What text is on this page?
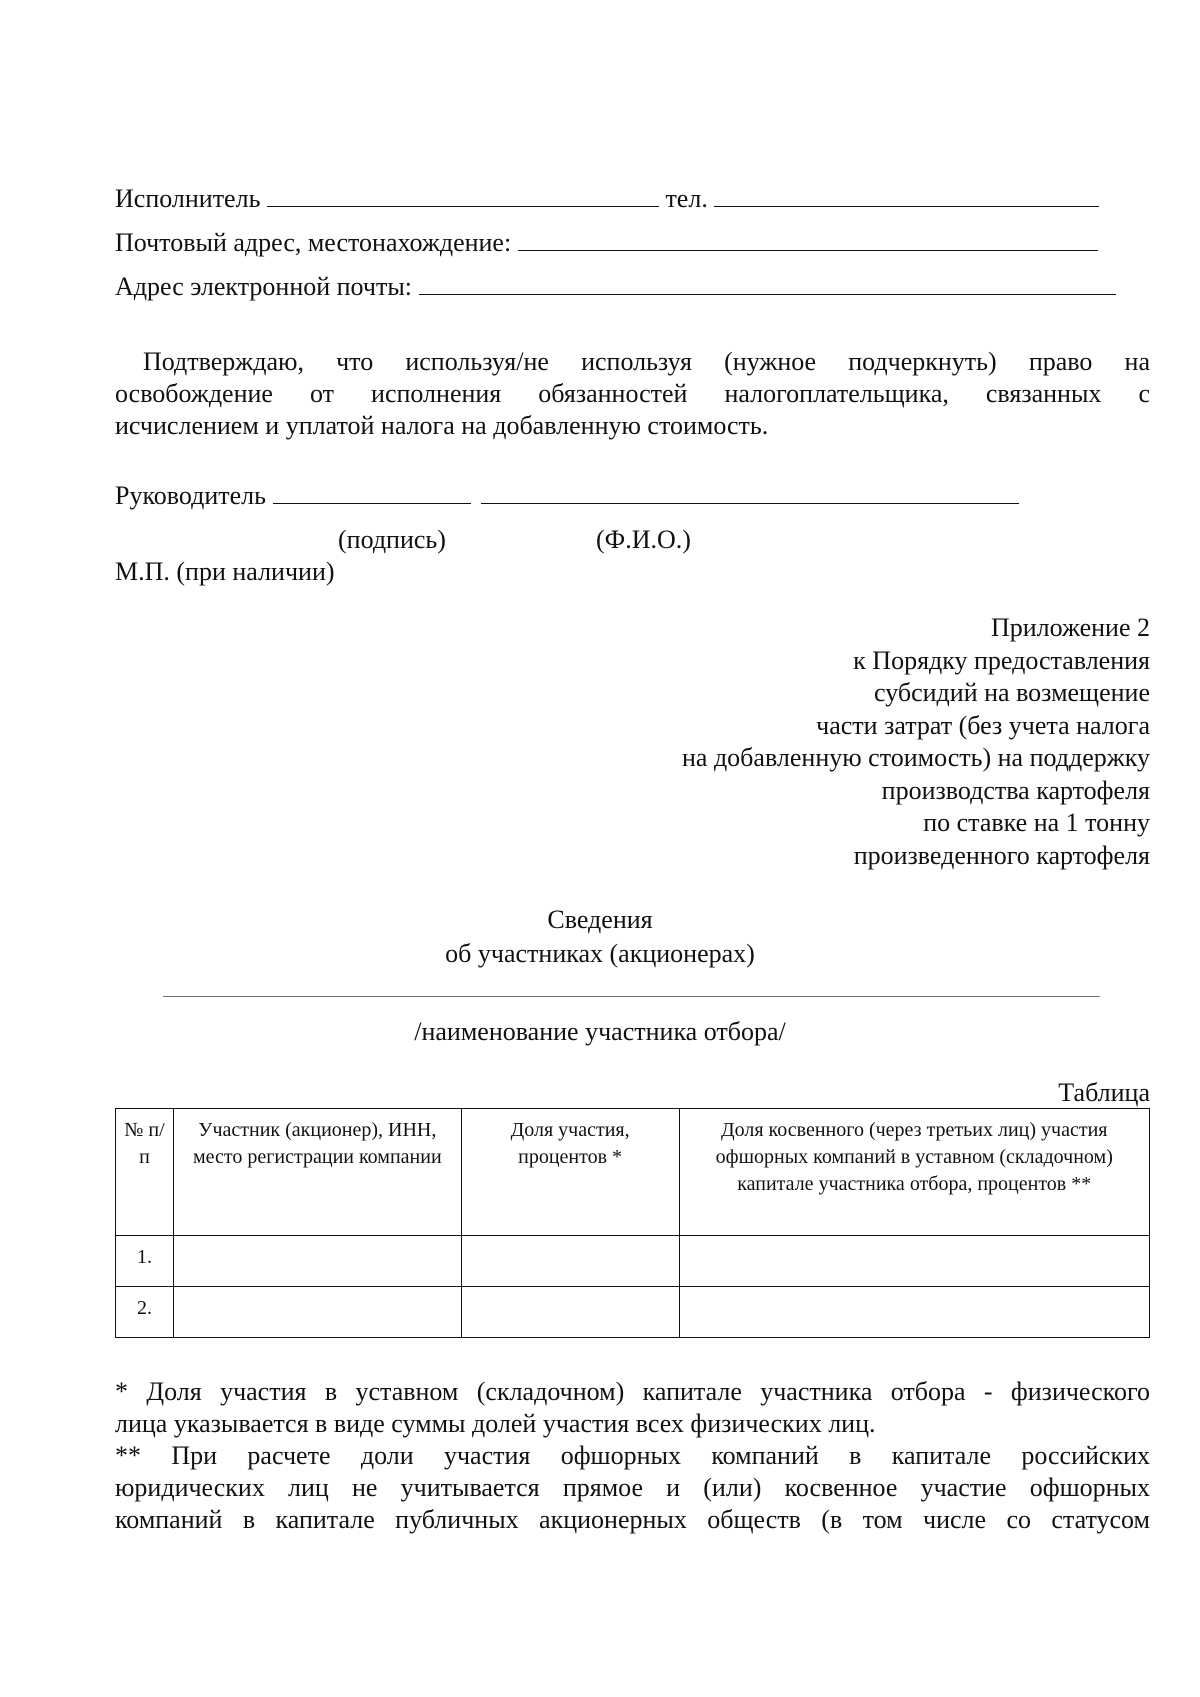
Исполнитель	тел.
Почтовый адрес, местонахождение:
Адрес электронной почты:
Подтверждаю, что используя/не используя (нужное подчеркнуть) право на
освобождение от исполнения обязанностей налогоплательщика, связанных с
исчислением и уплатой налога на добавленную стоимость.
Руководитель
(подпись)	(Ф.И.О.)
М.П. (при наличии)
Приложение 2
к Порядку предоставления
субсидий на возмещение
части затрат (без учета налога
на добавленную стоимость) на поддержку
производства картофеля
по ставке на 1 тонну
произведенного картофеля
Сведения
об участниках (акционерах)
/наименование участника отбора/
Таблица
№ п/п	Участник (акционер), ИНН, место регистрации компании	Доля участия, процентов *	Доля косвенного (через третьих лиц) участия офшорных компаний в уставном (складочном) капитале участника отбора, процентов **
1.			
2.			
* Доля участия в уставном (складочном) капитале участника отбора - физического
лица указывается в виде суммы долей участия всех физических лиц.
** При расчете доли участия офшорных компаний в капитале российских
юридических лиц не учитывается прямое и (или) косвенное участие офшорных
компаний в капитале публичных акционерных обществ (в том числе со статусом
